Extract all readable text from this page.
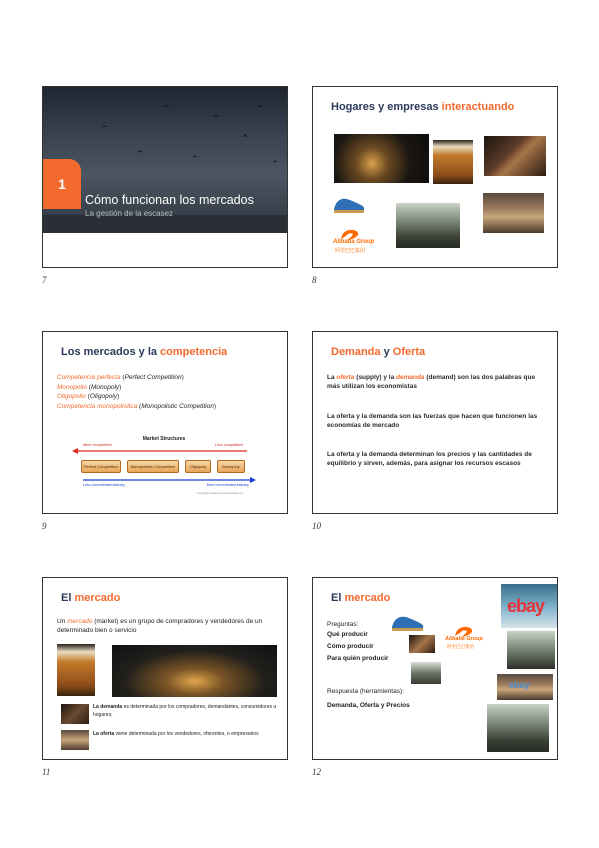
1
Cómo funcionan los mercados
La gestión de la escasez
7
Hogares y empresas interactuando
Alibaba Group
阿里巴巴集团
8
Los mercados y la competencia
Competencia perfecta (Perfect Competition)
Monopolio (Monopoly)
Oligopolio (Oligopoly)
Competencia monopolística (Monopolistic Competition)
Market Structures
More competitive	Less competitive
Perfect Competition	Monopolistic Competition	Oligopoly	Monopoly
Less concentrated industry	More concentrated industry
Copyright www.economicshelp.org
9
Demanda y Oferta
La oferta (supply) y la demanda (demand) son las dos palabras que más utilizan los economistas
La oferta y la demanda son las fuerzas que hacen que funcionen las economías de mercado
La oferta y la demanda determinan los precios y las cantidades de equilibrio y sirven, además, para asignar los recursos escasos
10
El mercado
Un mercado (market) es un grupo de compradores y vendedores de un determinado bien o servicio
La demanda es determinada por los compradores, demandantes, consumidores u hogares;
La oferta viene determinada por los vendedores, oferentes, o empresarios
11
El mercado
Preguntas:
Qué producir
Cómo producir
Para quién producir
Respuesta (herramientas):
Demanda, Oferta y Precios
Alibaba Group
阿里巴巴集团
ebay
ebay
12
